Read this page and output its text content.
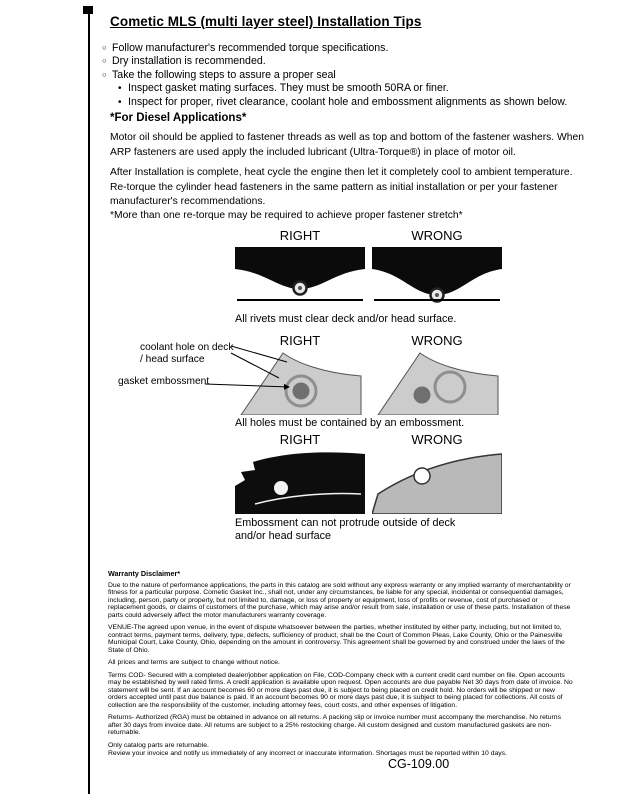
Cometic MLS (multi layer steel) Installation Tips
○
Follow manufacturer's recommended torque specifications.
○
Dry installation is recommended.
○
Take the following steps to assure a proper seal
•
Inspect gasket mating surfaces. They must be smooth 50RA or finer.
•
Inspect for proper, rivet clearance, coolant hole and embossment alignments as shown below.
*For Diesel Applications*

Motor oil should be applied to fastener threads as well as top and bottom of the fastener washers. When ARP fasteners are used apply the included lubricant (Ultra-Torque®) in place of motor oil.

After Installation is complete, heat cycle the engine then let it completely cool to ambient temperature. Re-torque the cylinder head fasteners in the same pattern as initial installation or per your fastener manufacturer's recommendations.

*More than one re-torque may be required to achieve proper fastener stretch*

RIGHT	WRONG

All rivets must clear deck and/or head surface.

RIGHT	WRONG
coolant hole on deck / head surface
gasket embossment

All holes must be contained by an embossment.

RIGHT	WRONG

Embossment can not protrude outside of deck and/or head surface

Warranty Disclaimer*

Due to the nature of performance applications, the parts in this catalog are sold without any express warranty or any implied warranty of merchantability or fitness for a particular purpose. Cometic Gasket Inc., shall not, under any circumstances, be liable for any special, incidental or consequential damages, including, person, party or property, but not limited to, damage, or loss of property or equipment, loss of profits or revenue, cost of purchased or replacement goods, or claims of customers of the purchase, which may arise and/or result from sale, installation or use of these parts. Installation of these parts could adversely affect the motor manufacturers warranty coverage.

VENUE-The agreed upon venue, in the event of dispute whatsoever between the parties, whether instituted by either party, including, but not limited to, contract terms, payment terms, delivery, type, defects, sufficiency of product, shall be the Court of Common Pleas, Lake County, Ohio or the Painesville Municipal Court, Lake County, Ohio, depending on the amount in controversy. This agreement shall be governed by and construed under the laws of the State of Ohio.

All prices and terms are subject to change without notice.

Terms COD- Secured with a completed dealer/jobber application on File, COD-Company check with a current credit card number on file. Open accounts may be established by well rated firms. A credit application is available upon request. Open accounts are due payable Net 30 days from date of invoice. No statement will be sent. If an account becomes 60 or more days past due, it is subject to being placed on credit hold. No orders will be shipped or new orders accepted until past due balance is paid. If an account becomes 90 or more days past due, it is subject to being placed for collections. All costs of collection are the responsibility of the customer, including attorney fees, court costs, and other expenses of litigation.

Returns- Authorized (RGA) must be obtained in advance on all returns. A packing slip or invoice number must accompany the merchandise. No returns after 30 days from invoice date. All returns are subject to a 25% restocking charge. All custom designed and custom manufactured gaskets are non-returnable.

Only catalog parts are returnable.

Review your invoice and notify us immediately of any incorrect or inaccurate information. Shortages must be reported within 10 days.

CG-109.00
